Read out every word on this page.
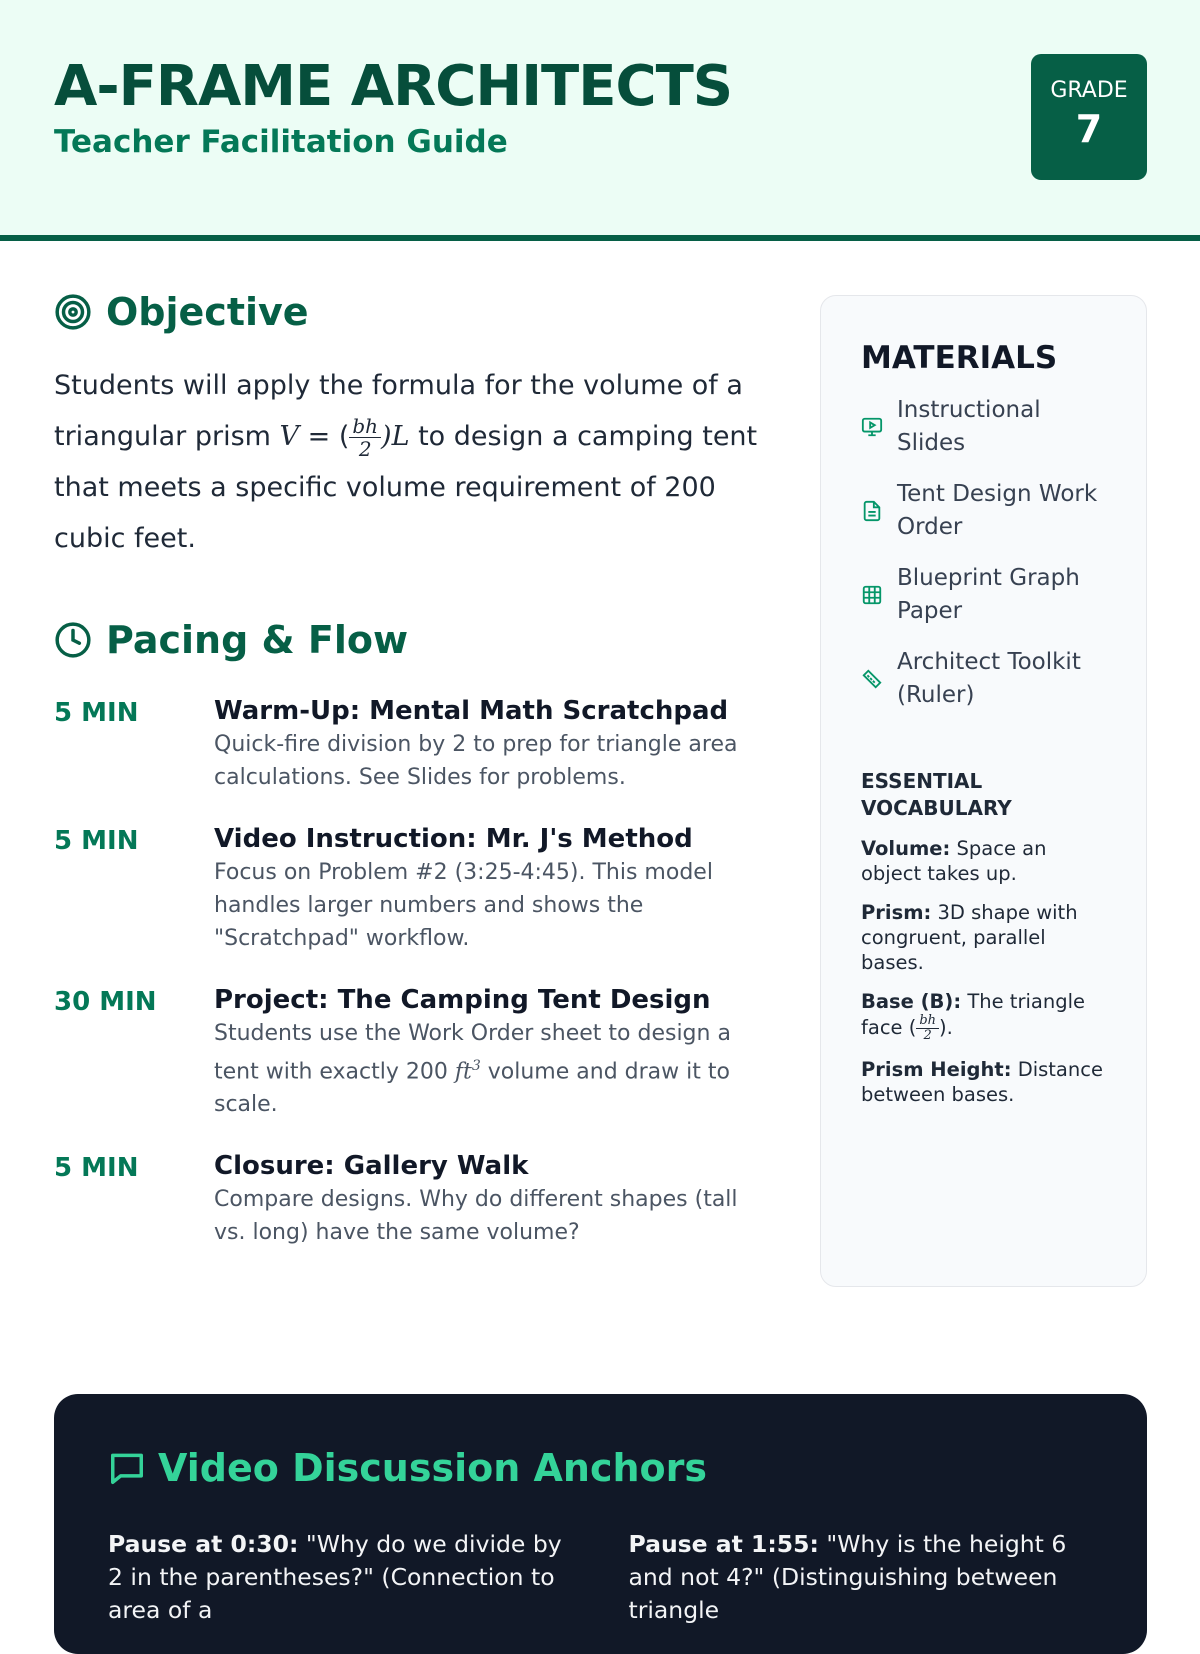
A-FRAME ARCHITECTS
Teacher Facilitation Guide
GRADE
7
Objective

Students will apply the formula for the volume of a triangular prism V = ( $\frac{bh}{2} )L$ to design a camping tent that meets a specific volume requirement of 200 cubic feet.

Pacing & Flow
5 MIN	Warm-Up: Mental Math Scratchpad
Quick-fire division by 2 to prep for triangle area calculations. See Slides for problems.
5 MIN	Video Instruction: Mr. J's Method
Focus on Problem #2 (3:25-4:45). This model handles larger numbers and shows the "Scratchpad" workflow.
30 MIN	Project: The Camping Tent Design
Students use the Work Order sheet to design a tent with exactly 200 $ft^3$ volume and draw it to scale.
5 MIN	Closure: Gallery Walk
Compare designs. Why do different shapes (tall vs. long) have the same volume?
MATERIALS
Instructional Slides
Tent Design Work Order
Blueprint Graph Paper
Architect Toolkit (Ruler)
ESSENTIAL VOCABULARY
Volume: Space an object takes up.
Prism: 3D shape with congruent, parallel bases.
Base (B): The triangle face ( $\frac{bh}{2}$ ).
Prism Height: Distance between bases.
Video Discussion Anchors

Pause at 0:30: "Why do we divide by 2 in the parentheses?" (Connection to area of a

Pause at 1:55: "Why is the height 6 and not 4?" (Distinguishing between triangle
